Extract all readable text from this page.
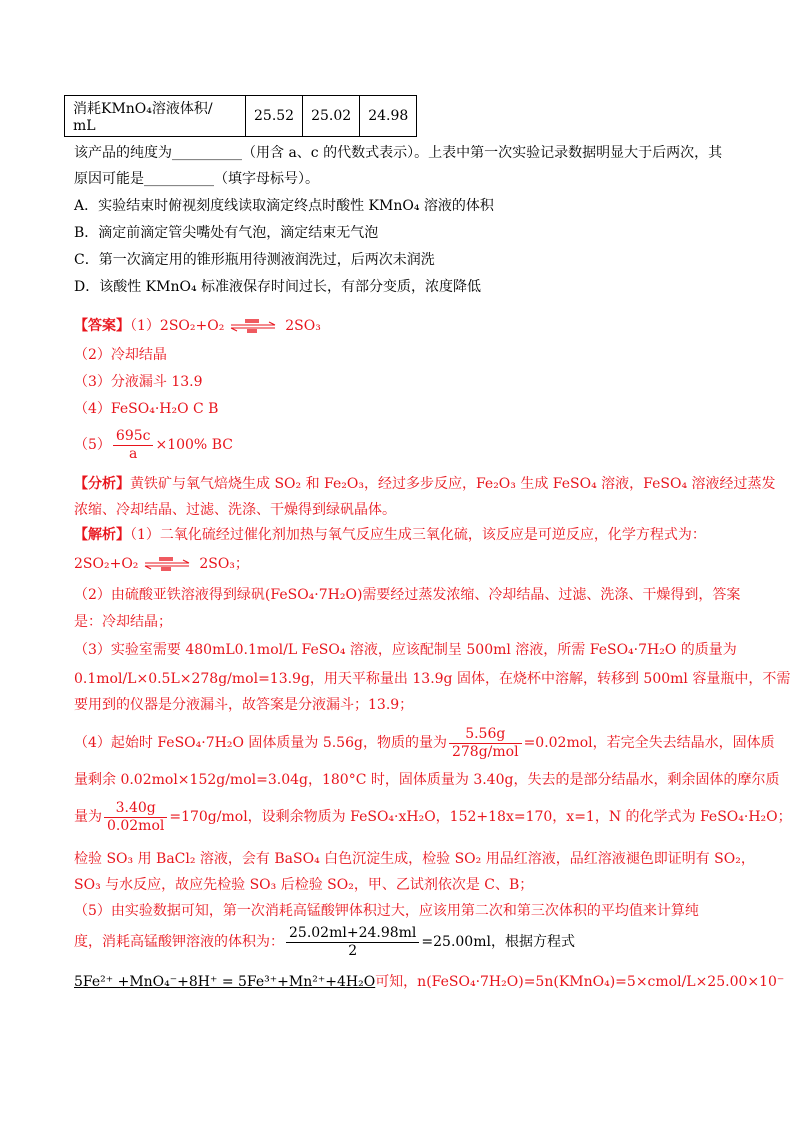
消耗KMnO₄溶液体积/ mL	25.52	25.02	24.98
该产品的纯度为__________（用含 a、c 的代数式表示）。上表中第一次实验记录数据明显大于后两次，其
原因可能是__________（填字母标号）。
A．实验结束时俯视刻度线读取滴定终点时酸性 KMnO₄ 溶液的体积
B．滴定前滴定管尖嘴处有气泡，滴定结束无气泡
C．第一次滴定用的锥形瓶用待测液润洗过，后两次未润洗
D．该酸性 KMnO₄ 标准液保存时间过长，有部分变质，浓度降低
【答案】（1）2SO₂+O₂ ⇌ 2SO₃
（2）冷却结晶
（3）分液漏斗 13.9
（4）FeSO₄·H₂O C B
$(5) \frac{695c}{a} \times 100\%$ BC
【分析】黄铁矿与氧气焙烧生成 SO₂ 和 Fe₂O₃，经过多步反应，Fe₂O₃ 生成 FeSO₄ 溶液，FeSO₄ 溶液经过蒸发
浓缩、冷却结晶、过滤、洗涤、干燥得到绿矾晶体。
【解析】（1）二氧化硫经过催化剂加热与氧气反应生成三氧化硫，该反应是可逆反应，化学方程式为：
2SO₂+O₂ ⇌ 2SO₃；
（2）由硫酸亚铁溶液得到绿矾(FeSO₄·7H₂O)需要经过蒸发浓缩、冷却结晶、过滤、洗涤、干燥得到，答案
是：冷却结晶；
（3）实验室需要 480mL0.1mol/L FeSO₄ 溶液，应该配制呈 500ml 溶液，所需 FeSO₄·7H₂O 的质量为
0.1mol/L×0.5L×278g/mol=13.9g，用天平称量出 13.9g 固体，在烧杯中溶解，转移到 500ml 容量瓶中，不需
要用到的仪器是分液漏斗，故答案是分液漏斗；13.9；
（4）起始时 FeSO₄·7H₂O 固体质量为 5.56g，物质的量为 $\frac{5.56g}{\text{278g/mol}} =0.02mol$，若完全失去结晶水，固体质
量剩余 0.02mol×152g/mol=3.04g，180°C 时，固体质量为 3.40g，失去的是部分结晶水，剩余固体的摩尔质
量为 $\frac{3.40g}{\text{0.02mol}} =170g/mol$，设剩余物质为 FeSO₄·xH₂O，152+18x=170，x=1，N 的化学式为 FeSO₄·H₂O；
检验 SO₃ 用 BaCl₂ 溶液，会有 BaSO₄ 白色沉淀生成，检验 SO₂ 用品红溶液，品红溶液褪色即证明有 SO₂，
SO₃ 与水反应，故应先检验 SO₃ 后检验 SO₂，甲、乙试剂依次是 C、B；
（5）由实验数据可知，第一次消耗高锰酸钾体积过大，应该用第二次和第三次体积的平均值来计算纯
度，消耗高锰酸钾溶液的体积为： $\frac{25.02ml+24.98ml}{2} =25.00ml$，根据方程式
5Fe²⁺ +MnO₄⁻+8H⁺ = 5Fe³⁺+Mn²⁺+4H₂O可知，n(FeSO₄·7H₂O)=5n(KMnO₄)=5×cmol/L×25.00×10⁻
